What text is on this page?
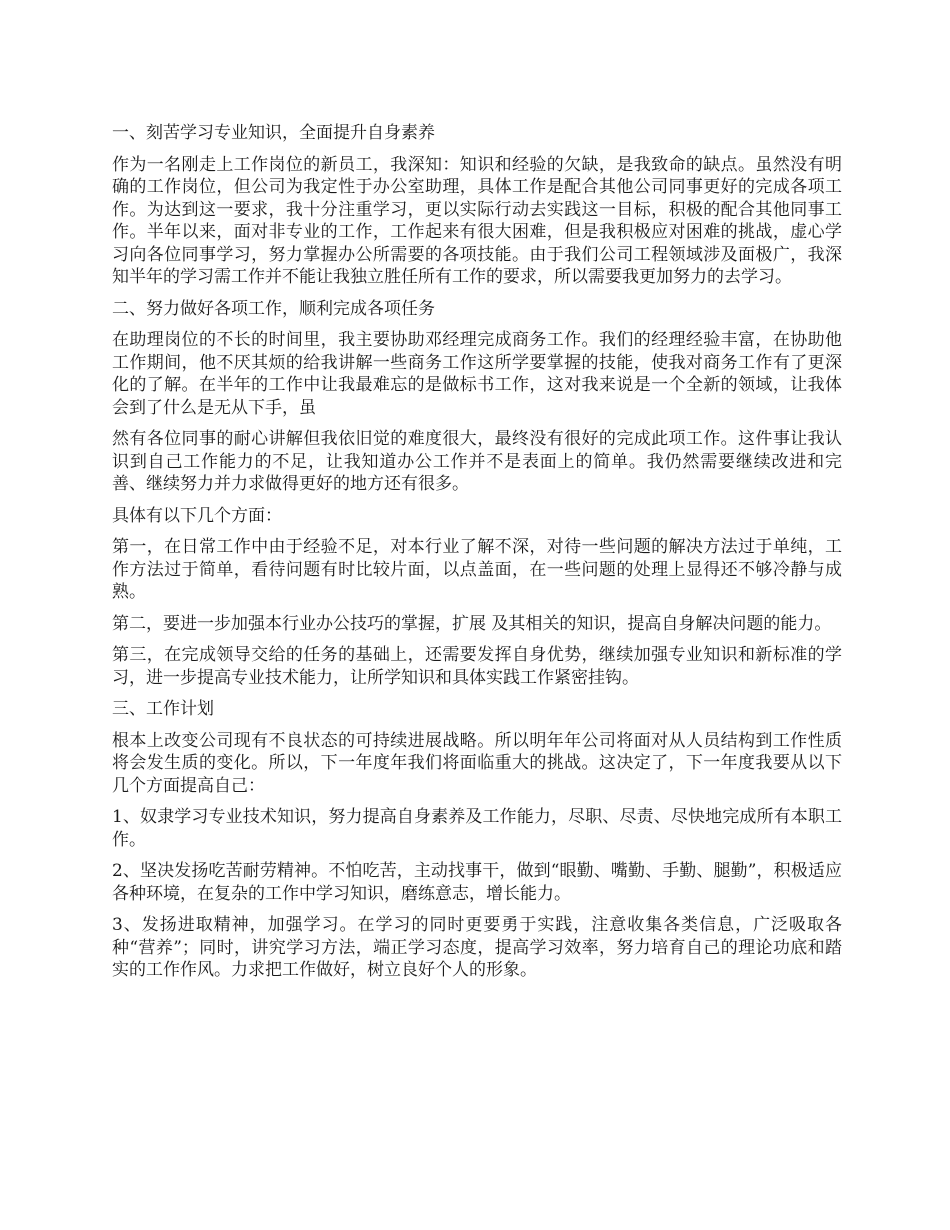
一、刻苦学习专业知识，全面提升自身素养

作为一名刚走上工作岗位的新员工，我深知：知识和经验的欠缺，是我致命的缺点。虽然没有明确的工作岗位，但公司为我定性于办公室助理，具体工作是配合其他公司同事更好的完成各项工作。为达到这一要求，我十分注重学习，更以实际行动去实践这一目标，积极的配合其他同事工作。半年以来，面对非专业的工作，工作起来有很大困难，但是我积极应对困难的挑战，虚心学习向各位同事学习，努力掌握办公所需要的各项技能。由于我们公司工程领域涉及面极广，我深知半年的学习需工作并不能让我独立胜任所有工作的要求，所以需要我更加努力的去学习。

二、努力做好各项工作，顺利完成各项任务

在助理岗位的不长的时间里，我主要协助邓经理完成商务工作。我们的经理经验丰富，在协助他工作期间，他不厌其烦的给我讲解一些商务工作这所学要掌握的技能，使我对商务工作有了更深化的了解。在半年的工作中让我最难忘的是做标书工作，这对我来说是一个全新的领域，让我体会到了什么是无从下手，虽

然有各位同事的耐心讲解但我依旧觉的难度很大，最终没有很好的完成此项工作。这件事让我认识到自己工作能力的不足，让我知道办公工作并不是表面上的简单。我仍然需要继续改进和完善、继续努力并力求做得更好的地方还有很多。

具体有以下几个方面：

第一，在日常工作中由于经验不足，对本行业了解不深，对待一些问题的解决方法过于单纯，工作方法过于简单，看待问题有时比较片面，以点盖面，在一些问题的处理上显得还不够冷静与成熟。

第二，要进一步加强本行业办公技巧的掌握，扩展 及其相关的知识，提高自身解决问题的能力。

第三，在完成领导交给的任务的基础上，还需要发挥自身优势，继续加强专业知识和新标准的学习，进一步提高专业技术能力，让所学知识和具体实践工作紧密挂钩。

三、工作计划

根本上改变公司现有不良状态的可持续进展战略。所以明年年公司将面对从人员结构到工作性质将会发生质的变化。所以，下一年度年我们将面临重大的挑战。这决定了，下一年度我要从以下几个方面提高自己：

1、奴隶学习专业技术知识，努力提高自身素养及工作能力，尽职、尽责、尽快地完成所有本职工作。

2、坚决发扬吃苦耐劳精神。不怕吃苦，主动找事干，做到“眼勤、嘴勤、手勤、腿勤”，积极适应各种环境，在复杂的工作中学习知识，磨练意志，增长能力。

3、发扬进取精神，加强学习。在学习的同时更要勇于实践，注意收集各类信息，广泛吸取各种“营养”；同时，讲究学习方法，端正学习态度，提高学习效率，努力培育自己的理论功底和踏实的工作作风。力求把工作做好，树立良好个人的形象。
